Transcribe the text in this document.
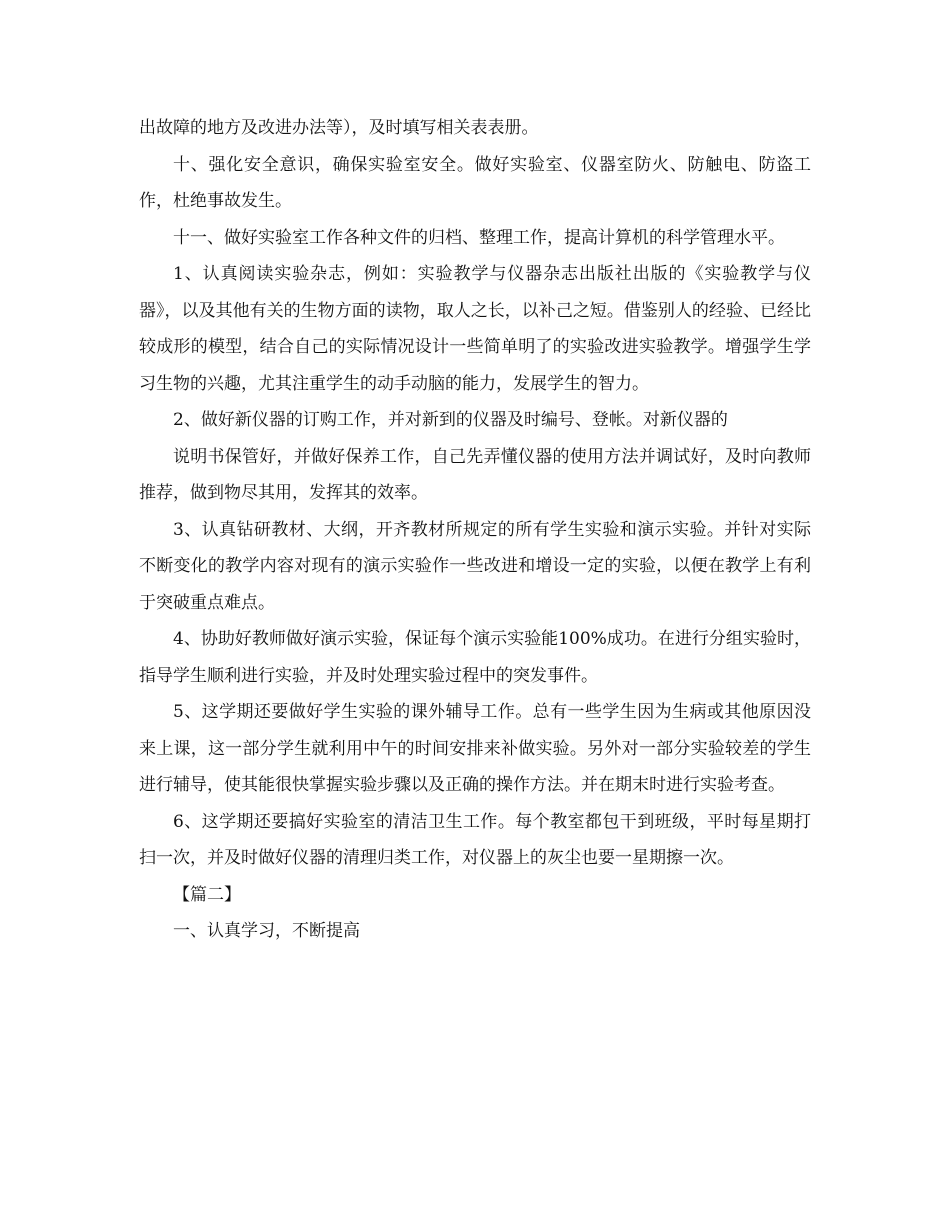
出故障的地方及改进办法等），及时填写相关表表册。

十、强化安全意识，确保实验室安全。做好实验室、仪器室防火、防触电、防盗工作，杜绝事故发生。

十一、做好实验室工作各种文件的归档、整理工作，提高计算机的科学管理水平。

1、认真阅读实验杂志，例如：实验教学与仪器杂志出版社出版的《实验教学与仪器》，以及其他有关的生物方面的读物，取人之长，以补己之短。借鉴别人的经验、已经比较成形的模型，结合自己的实际情况设计一些简单明了的实验改进实验教学。增强学生学习生物的兴趣，尤其注重学生的动手动脑的能力，发展学生的智力。

2、做好新仪器的订购工作，并对新到的仪器及时编号、登帐。对新仪器的

说明书保管好，并做好保养工作，自己先弄懂仪器的使用方法并调试好，及时向教师推荐，做到物尽其用，发挥其的效率。

3、认真钻研教材、大纲，开齐教材所规定的所有学生实验和演示实验。并针对实际不断变化的教学内容对现有的演示实验作一些改进和增设一定的实验，以便在教学上有利于突破重点难点。

4、协助好教师做好演示实验，保证每个演示实验能100%成功。在进行分组实验时，指导学生顺利进行实验，并及时处理实验过程中的突发事件。

5、这学期还要做好学生实验的课外辅导工作。总有一些学生因为生病或其他原因没来上课，这一部分学生就利用中午的时间安排来补做实验。另外对一部分实验较差的学生进行辅导，使其能很快掌握实验步骤以及正确的操作方法。并在期末时进行实验考查。

6、这学期还要搞好实验室的清洁卫生工作。每个教室都包干到班级，平时每星期打扫一次，并及时做好仪器的清理归类工作，对仪器上的灰尘也要一星期擦一次。

【篇二】

一、认真学习，不断提高
